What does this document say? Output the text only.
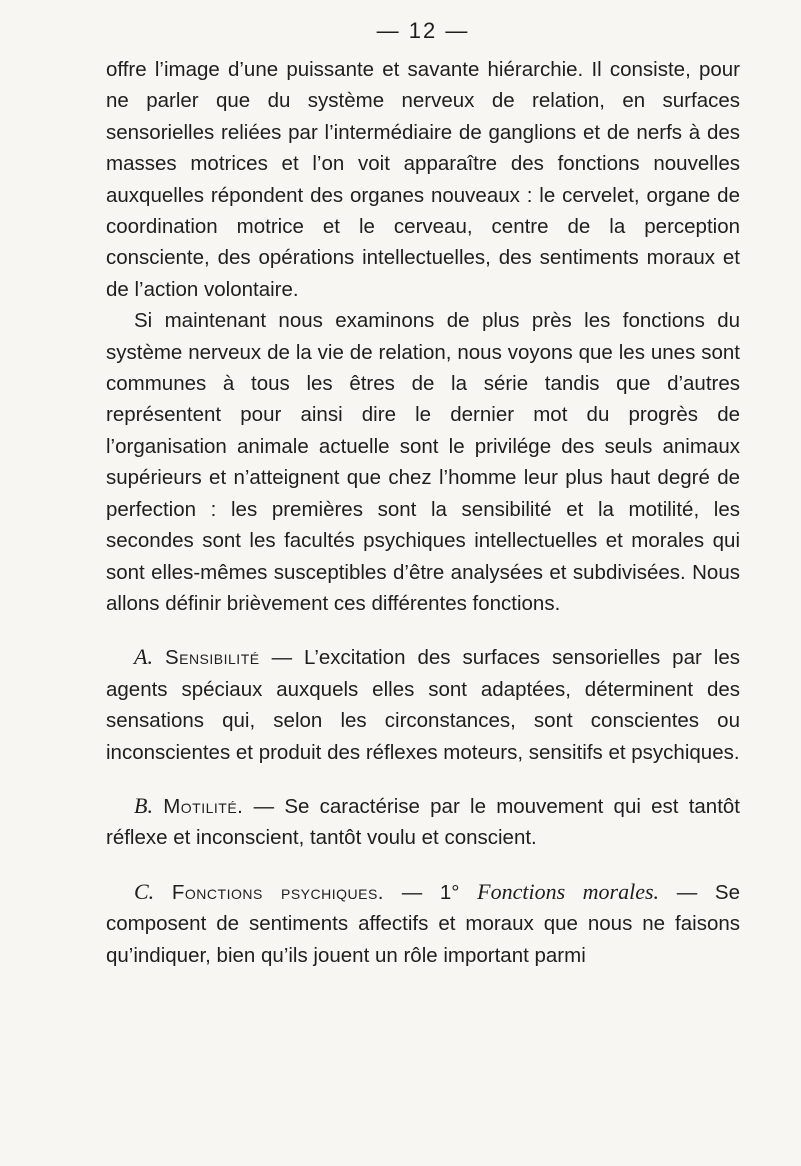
— 12 —

offre l’image d’une puissante et savante hiérarchie. Il consiste, pour ne parler que du système nerveux de relation, en surfaces sensorielles reliées par l’intermédiaire de ganglions et de nerfs à des masses motrices et l’on voit apparaître des fonctions nouvelles auxquelles répondent des organes nouveaux : le cervelet, organe de coordination motrice et le cerveau, centre de la perception consciente, des opérations intellectuelles, des sentiments moraux et de l’action volontaire.

Si maintenant nous examinons de plus près les fonctions du système nerveux de la vie de relation, nous voyons que les unes sont communes à tous les êtres de la série tandis que d’autres représentent pour ainsi dire le dernier mot du progrès de l’organisation animale actuelle sont le privilége des seuls animaux supérieurs et n’atteignent que chez l’homme leur plus haut degré de perfection : les premières sont la sensibilité et la motilité, les secondes sont les facultés psychiques intellectuelles et morales qui sont elles-mêmes susceptibles d’être analysées et subdivisées. Nous allons définir brièvement ces différentes fonctions.

A. Sensibilité — L’excitation des surfaces sensorielles par les agents spéciaux auxquels elles sont adaptées, déterminent des sensations qui, selon les circonstances, sont conscientes ou inconscientes et produit des réflexes moteurs, sensitifs et psychiques.

B. Motilité. — Se caractérise par le mouvement qui est tantôt réflexe et inconscient, tantôt voulu et conscient.

C. Fonctions psychiques. — 1° Fonctions morales. — Se composent de sentiments affectifs et moraux que nous ne faisons qu’indiquer, bien qu’ils jouent un rôle important parmi
